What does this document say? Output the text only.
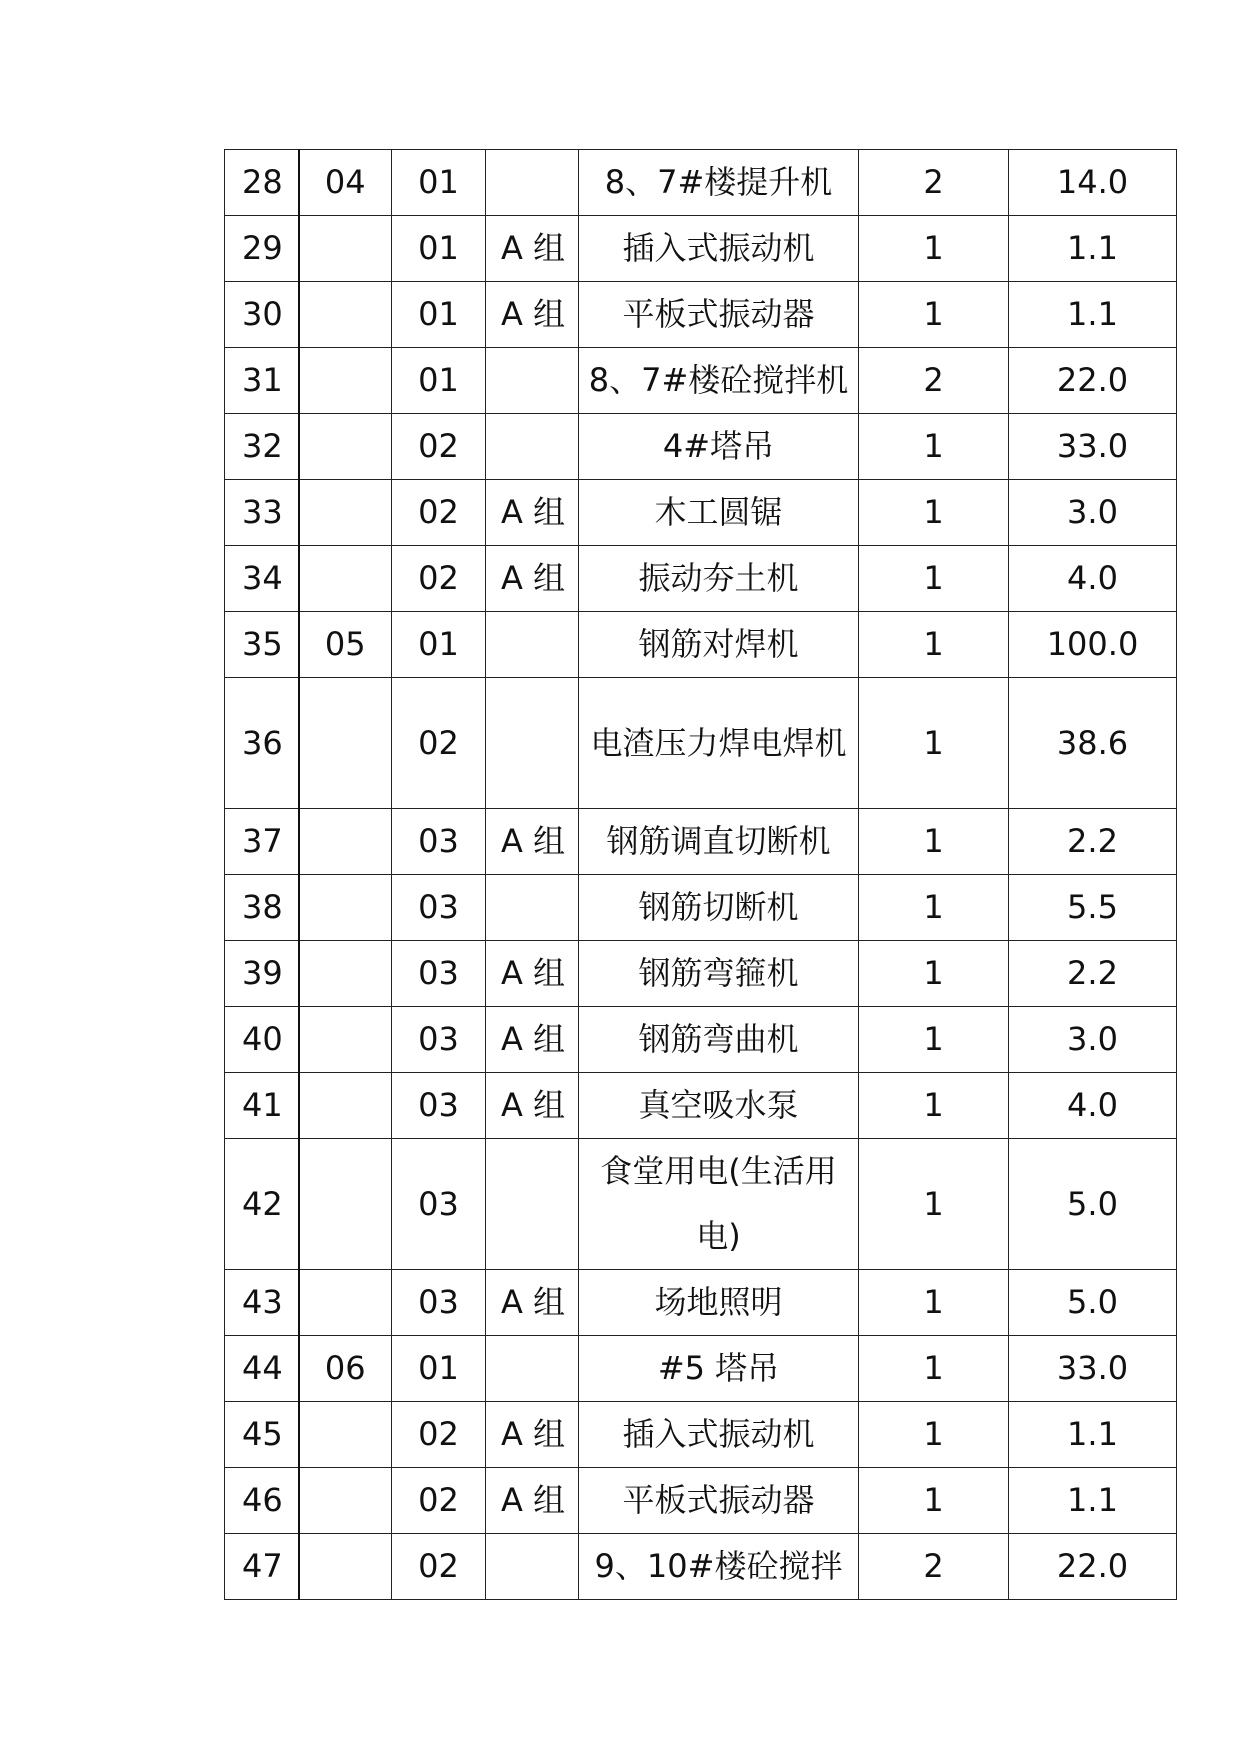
28	04	01		8、7#楼提升机	2	14.0
29		01	A 组	插入式振动机	1	1.1
30		01	A 组	平板式振动器	1	1.1
31		01		8、7#楼砼搅拌机	2	22.0
32		02		4#塔吊	1	33.0
33		02	A 组	木工圆锯	1	3.0
34		02	A 组	振动夯土机	1	4.0
35	05	01		钢筋对焊机	1	100.0
36		02		电渣压力焊电焊机	1	38.6
37		03	A 组	钢筋调直切断机	1	2.2
38		03		钢筋切断机	1	5.5
39		03	A 组	钢筋弯箍机	1	2.2
40		03	A 组	钢筋弯曲机	1	3.0
41		03	A 组	真空吸水泵	1	4.0
42		03		食堂用电(生活用电)	1	5.0
43		03	A 组	场地照明	1	5.0
44	06	01		#5 塔吊	1	33.0
45		02	A 组	插入式振动机	1	1.1
46		02	A 组	平板式振动器	1	1.1
47		02		9、10#楼砼搅拌	2	22.0
